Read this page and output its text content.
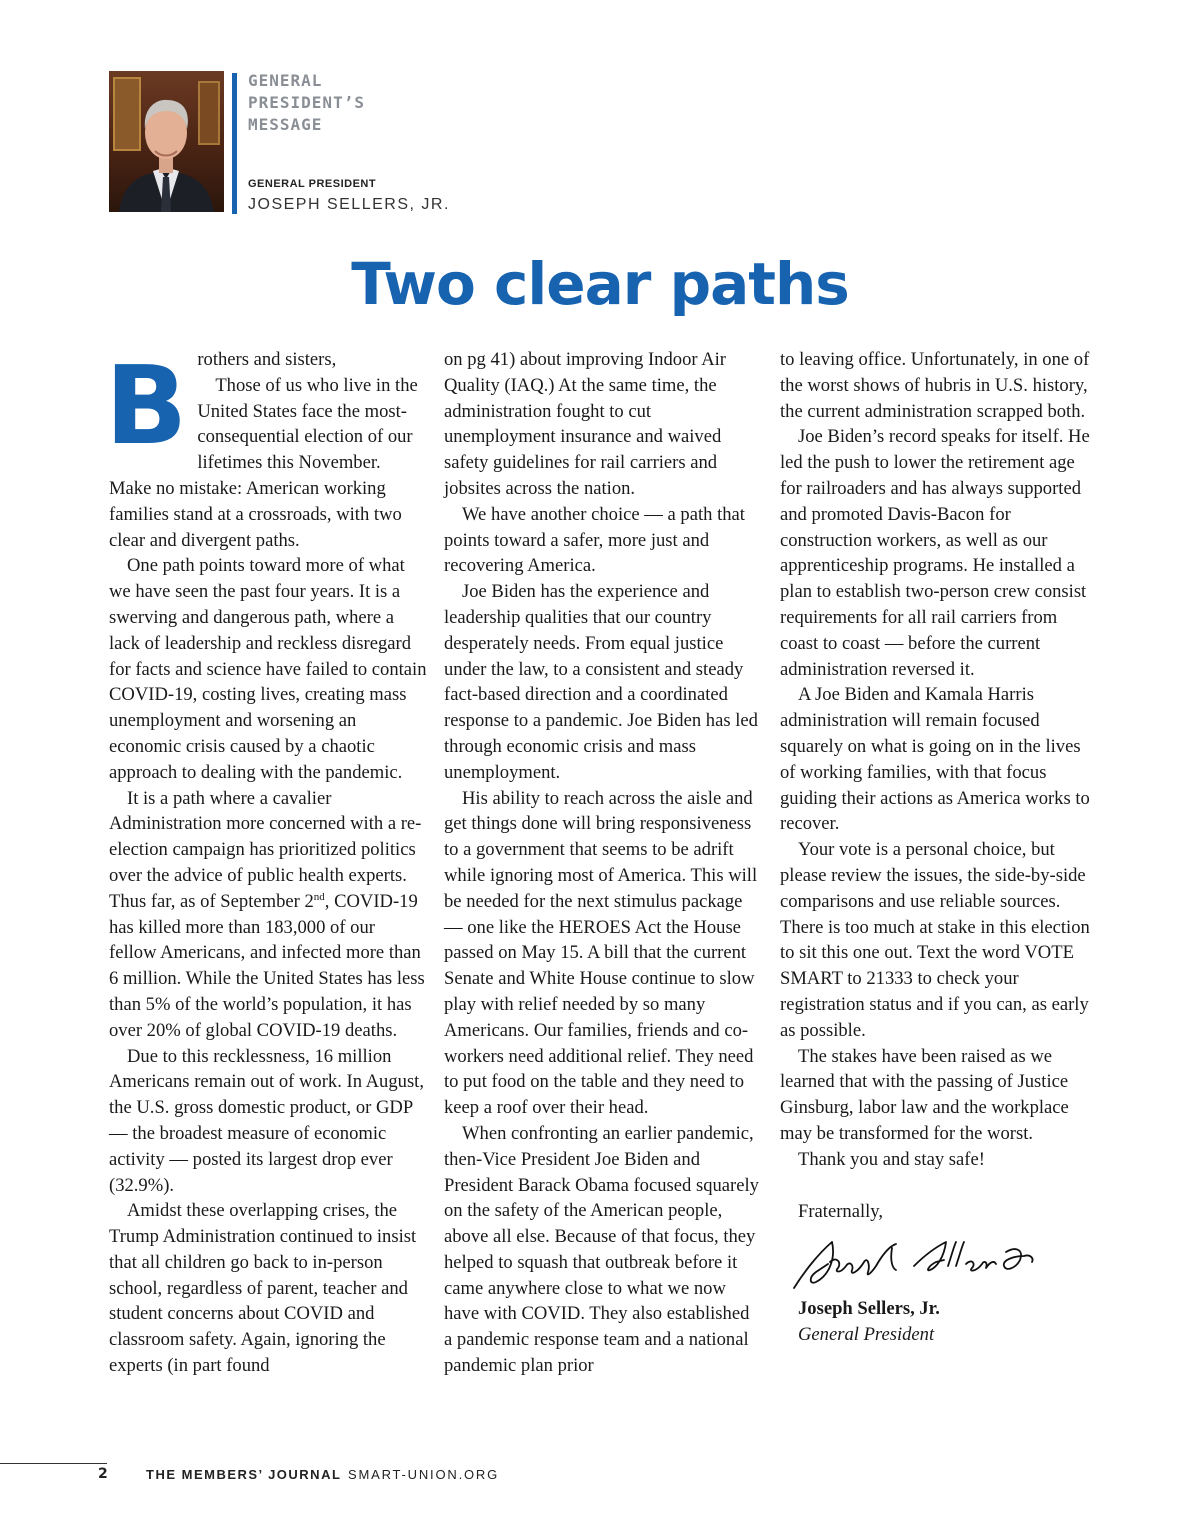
GENERAL
PRESIDENT’S
MESSAGE
GENERAL PRESIDENT
JOSEPH SELLERS, JR.
Two clear paths
B rothers and sisters,

Those of us who live in the United States face the most-consequential election of our lifetimes this November. Make no mistake: American working families stand at a crossroads, with two clear and divergent paths.

One path points toward more of what we have seen the past four years. It is a swerving and dangerous path, where a lack of leadership and reckless disregard for facts and science have failed to contain COVID-19, costing lives, creating mass unemployment and worsening an economic crisis caused by a chaotic approach to dealing with the pandemic.

It is a path where a cavalier Administration more concerned with a re-election campaign has prioritized politics over the advice of public health experts. Thus far, as of September 2nd, COVID-19 has killed more than 183,000 of our fellow Americans, and infected more than 6 million. While the United States has less than 5% of the world’s population, it has over 20% of global COVID-19 deaths.

Due to this recklessness, 16 million Americans remain out of work. In August, the U.S. gross domestic product, or GDP — the broadest measure of economic activity — posted its largest drop ever (32.9%).

Amidst these overlapping crises, the Trump Administration continued to insist that all children go back to in-person school, regardless of parent, teacher and student concerns about COVID and classroom safety. Again, ignoring the experts (in part found

on pg 41) about improving Indoor Air Quality (IAQ.) At the same time, the administration fought to cut unemployment insurance and waived safety guidelines for rail carriers and jobsites across the nation.

We have another choice — a path that points toward a safer, more just and recovering America.

Joe Biden has the experience and leadership qualities that our country desperately needs. From equal justice under the law, to a consistent and steady fact-based direction and a coordinated response to a pandemic. Joe Biden has led through economic crisis and mass unemployment.

His ability to reach across the aisle and get things done will bring responsiveness to a government that seems to be adrift while ignoring most of America. This will be needed for the next stimulus package — one like the HEROES Act the House passed on May 15. A bill that the current Senate and White House continue to slow play with relief needed by so many Americans. Our families, friends and co-workers need additional relief. They need to put food on the table and they need to keep a roof over their head.

When confronting an earlier pandemic, then-Vice President Joe Biden and President Barack Obama focused squarely on the safety of the American people, above all else. Because of that focus, they helped to squash that outbreak before it came anywhere close to what we now have with COVID. They also established a pandemic response team and a national pandemic plan prior

to leaving office. Unfortunately, in one of the worst shows of hubris in U.S. history, the current administration scrapped both.

Joe Biden’s record speaks for itself. He led the push to lower the retirement age for railroaders and has always supported and promoted Davis-Bacon for construction workers, as well as our apprenticeship programs. He installed a plan to establish two-person crew consist requirements for all rail carriers from coast to coast — before the current administration reversed it.

A Joe Biden and Kamala Harris administration will remain focused squarely on what is going on in the lives of working families, with that focus guiding their actions as America works to recover.

Your vote is a personal choice, but please review the issues, the side-by-side comparisons and use reliable sources. There is too much at stake in this election to sit this one out. Text the word VOTE SMART to 21333 to check your registration status and if you can, as early as possible.

The stakes have been raised as we learned that with the passing of Justice Ginsburg, labor law and the workplace may be transformed for the worst.

Thank you and stay safe!

Fraternally,

Joseph Sellers, Jr.

General President

2	THE MEMBERS’ JOURNAL SMART-UNION.ORG
